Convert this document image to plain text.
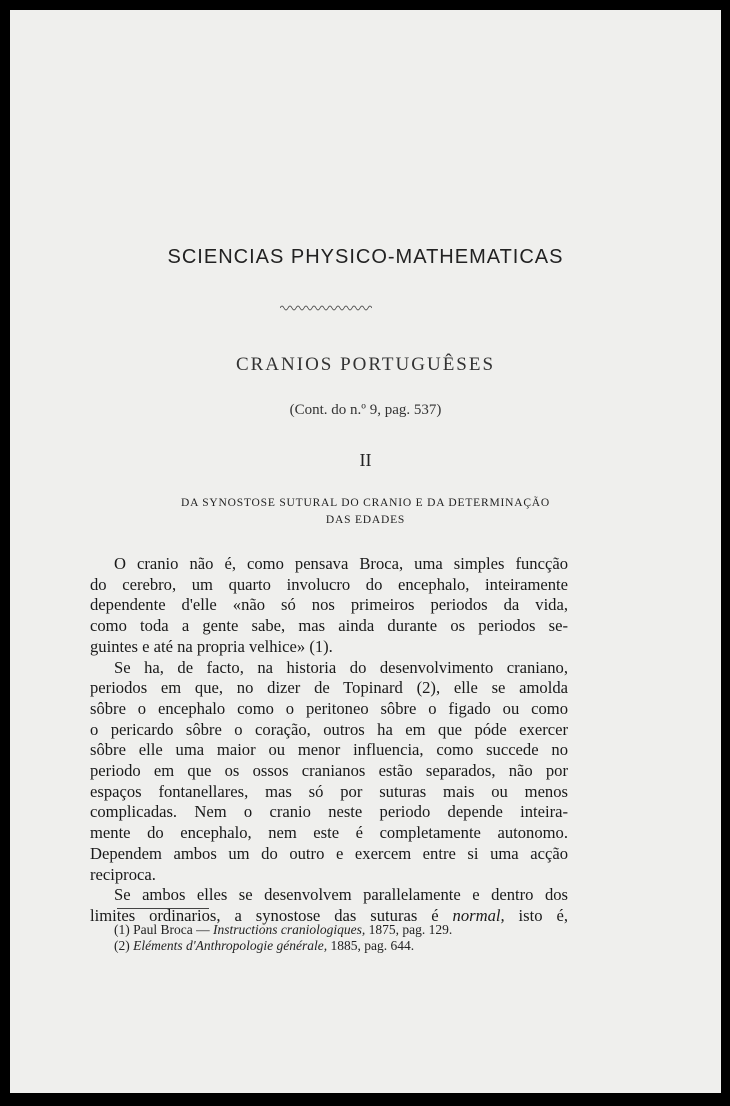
SCIENCIAS PHYSICO-MATHEMATICAS
CRANIOS PORTUGUÊSES
(Cont. do n.º 9, pag. 537)
II
DA SYNOSTOSE SUTURAL DO CRANIO E DA DETERMINAÇÃO
DAS EDADES
O cranio não é, como pensava Broca, uma simples funcção
do cerebro, um quarto involucro do encephalo, inteiramente
dependente d'elle «não só nos primeiros periodos da vida,
como toda a gente sabe, mas ainda durante os periodos se-
guintes e até na propria velhice» (1).
Se ha, de facto, na historia do desenvolvimento craniano,
periodos em que, no dizer de Topinard (2), elle se amolda
sôbre o encephalo como o peritoneo sôbre o figado ou como
o pericardo sôbre o coração, outros ha em que póde exercer
sôbre elle uma maior ou menor influencia, como succede no
periodo em que os ossos cranianos estão separados, não por
espaços fontanellares, mas só por suturas mais ou menos
complicadas. Nem o cranio neste periodo depende inteira-
mente do encephalo, nem este é completamente autonomo.
Dependem ambos um do outro e exercem entre si uma acção
reciproca.
Se ambos elles se desenvolvem parallelamente e dentro dos
limites ordinarios, a synostose das suturas é normal, isto é,
(1) Paul Broca — Instructions craniologiques, 1875, pag. 129.
(2) Eléments d'Anthropologie générale, 1885, pag. 644.
